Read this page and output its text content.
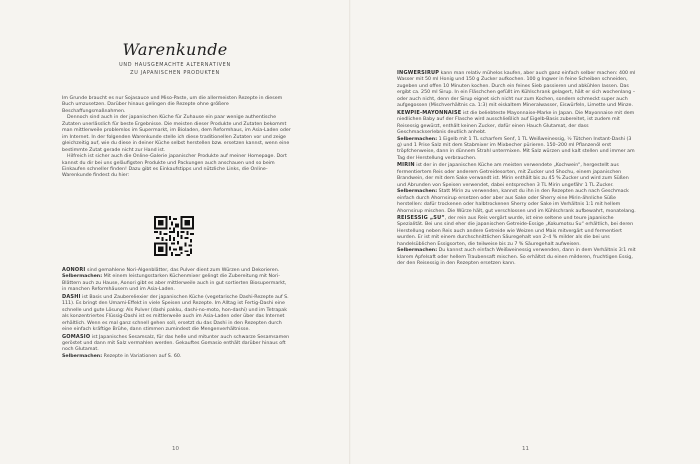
Warenkunde
UND HAUSGEMACHTE ALTERNATIVEN
ZU JAPANISCHEN PRODUKTEN

Im Grunde braucht es nur Sojasauce und Miso-Paste, um die allermeisten Rezepte in diesem Buch umzusetzen. Darüber hinaus gelingen die Rezepte ohne größere Beschaffungsmaßnahmen.

Dennoch sind auch in der japanischen Küche für Zuhause ein paar wenige authentische Zutaten unerlässlich für beste Ergebnisse. Die meisten dieser Produkte und Zutaten bekommt man mittlerweile problemlos im Supermarkt, im Bioladen, dem Reformhaus, im Asia-Laden oder im Internet. In der folgenden Warenkunde stelle ich diese traditionellen Zutaten vor und zeige gleichzeitig auf, wie du diese in deiner Küche selbst herstellen bzw. ersetzen kannst, wenn eine bestimmte Zutat gerade nicht zur Hand ist.

Hilfreich ist sicher auch die Online-Galerie japanischer Produkte auf meiner Homepage. Dort kannst du dir bei uns geläufigsten Produkte und Packungen auch anschauen und so beim Einkaufen schneller finden! Dazu gibt es Einkaufstipps und nützliche Links, die Online-Warenkunde findest du hier:

AONORI sind gemahlene Nori-Algenblätter, das Pulver dient zum Würzen und Dekorieren.

Selbermachen: Mit einem leistungsstarken Küchenmixer gelingt die Zubereitung mit Nori-Blättern auch zu Hause, Aonori gibt es aber mittlerweile auch in gut sortierten Biosupermarkt, in manchen Reformhäusern und im Asia-Laden.

DASHI ist Basis und Zaubereliexier der japanischen Küche (vegetarische Dashi-Rezepte auf S. 111). Es bringt den Umami-Effekt in viele Speisen und Rezepte. Im Alltag ist Fertig-Dashi eine schnelle und gute Lösung: Als Pulver (dashi pakku, dashi-no-moto, hon-dashi) und im Tetrapak als konzentriertes Flüssig-Dashi ist es mittlerweile auch im Asia-Laden oder über das Internet erhältlich. Wenn es mal ganz schnell gehen soll, ersetzt du das Dashi in den Rezepten durch eine einfach kräftige Brühe, dann stimmen zumindest die Mengenverhältnisse.

GOMASIO ist Japanisches Sesamsalz, für das helle und mitunter auch schwarze Sesamsamen geröstet und dann mit Salz vermahlen werden. Gekauftes Gomasio enthält darüber hinaus oft noch Glutamat.

Selbermachen: Rezepte in Variationen auf S. 60.

10

INGWERSIRUP kann man relativ mühelos kaufen, aber auch ganz einfach selber machen: 400 ml Wasser mit 50 ml Honig und 150 g Zucker aufkochen. 100 g Ingwer in feine Scheiben schneiden, zugeben und offen 10 Minuten kochen. Durch ein feines Sieb passieren und abkühlen lassen. Das ergibt ca. 250 ml Sirup. In ein Fläschchen gefüllt im Kühlschrank gelagert, hält er sich wochenlang – oder auch nicht, denn der Sirup eignet sich nicht nur zum Kochen, sondern schmeckt super auch aufgegossen (Mischverhältnis ca. 1:3) mit eiskaltem Mineralwasser, Eiswürfeln, Limette und Minze.

KEWPIE-MAYONNAISE ist die beliebteste Mayonnaise-Marke in Japan. Die Mayonnaise mit dem niedlichen Baby auf der Flasche wird ausschließlich auf Eigelb-Basis zubereitet, ist zudem mit Reisessig gewürzt, enthält keinen Zucker, dafür einen Hauch Glutamat, der dass Geschmackserlebnis deutlich anhebt.

Selbermachen: 1 Eigelb mit 1 TL scharfem Senf, 1 TL Weißweinessig, ½ Tütchen Instant-Dashi (3 g) und 1 Prise Salz mit dem Stabmixer im Mixbecher pürieren. 150–200 ml Pflanzenöl erst tröpfchenweise, dann in dünnem Strahl untermixen. Mit Salz würzen und kalt stellen und immer am Tag der Herstellung verbrauchen.

MIRIN ist der in der japanischen Küche am meisten verwendete „Kochwein“, hergestellt aus fermentiertem Reis oder anderem Getreidesorten, mit Zucker und Shochu, einem japanischen Brandwein, der mit dem Sake verwandt ist. Mirin enthält bis zu 45 % Zucker und wird zum Süßen und Abrunden von Speisen verwendet, dabei entsprechen 3 TL Mirin ungefähr 1 TL Zucker.

Selbermachen: Statt Mirin zu verwenden, kannst du ihn in den Rezepten auch nach Geschmack einfach durch Ahornsirup ersetzen oder aber aus Sake oder Sherry eine Mirin-ähnliche Süße herstellen: dafür trockenen oder halbtrockenen Sherry oder Sake im Verhältnis 1:1 mit hellem Ahornsirup mischen. Die Würze hält, gut verschlossen und im Kühlschrank aufbewahrt, monatelang.

REISESSIG „SU“, der rein aus Reis vergärt wurde, ist eine seltene und teure japanische Spezialität. Bei uns sind eher die japanischen Getreide-Essige „Kokumotsu Su“ erhältlich, bei deren Herstellung neben Reis auch andere Getreide wie Weizen und Mais mitvergärt und fermentiert wurden. Er ist mit einem durchschnittlichen Säuregehalt von 2–4 % milder als die bei uns handelsüblichen Essigsorten, die teilweise bis zu 7 % Säuregehalt aufweisen.

Selbermachen: Du kannst auch einfach Weißweinessig verwenden, dann in dem Verhältnis 3:1 mit klarem Apfelsaft oder hellem Traubensaft mischen. So erhältst du einen milderen, fruchtigen Essig, der den Reisessig in den Rezepten ersetzen kann.

11
